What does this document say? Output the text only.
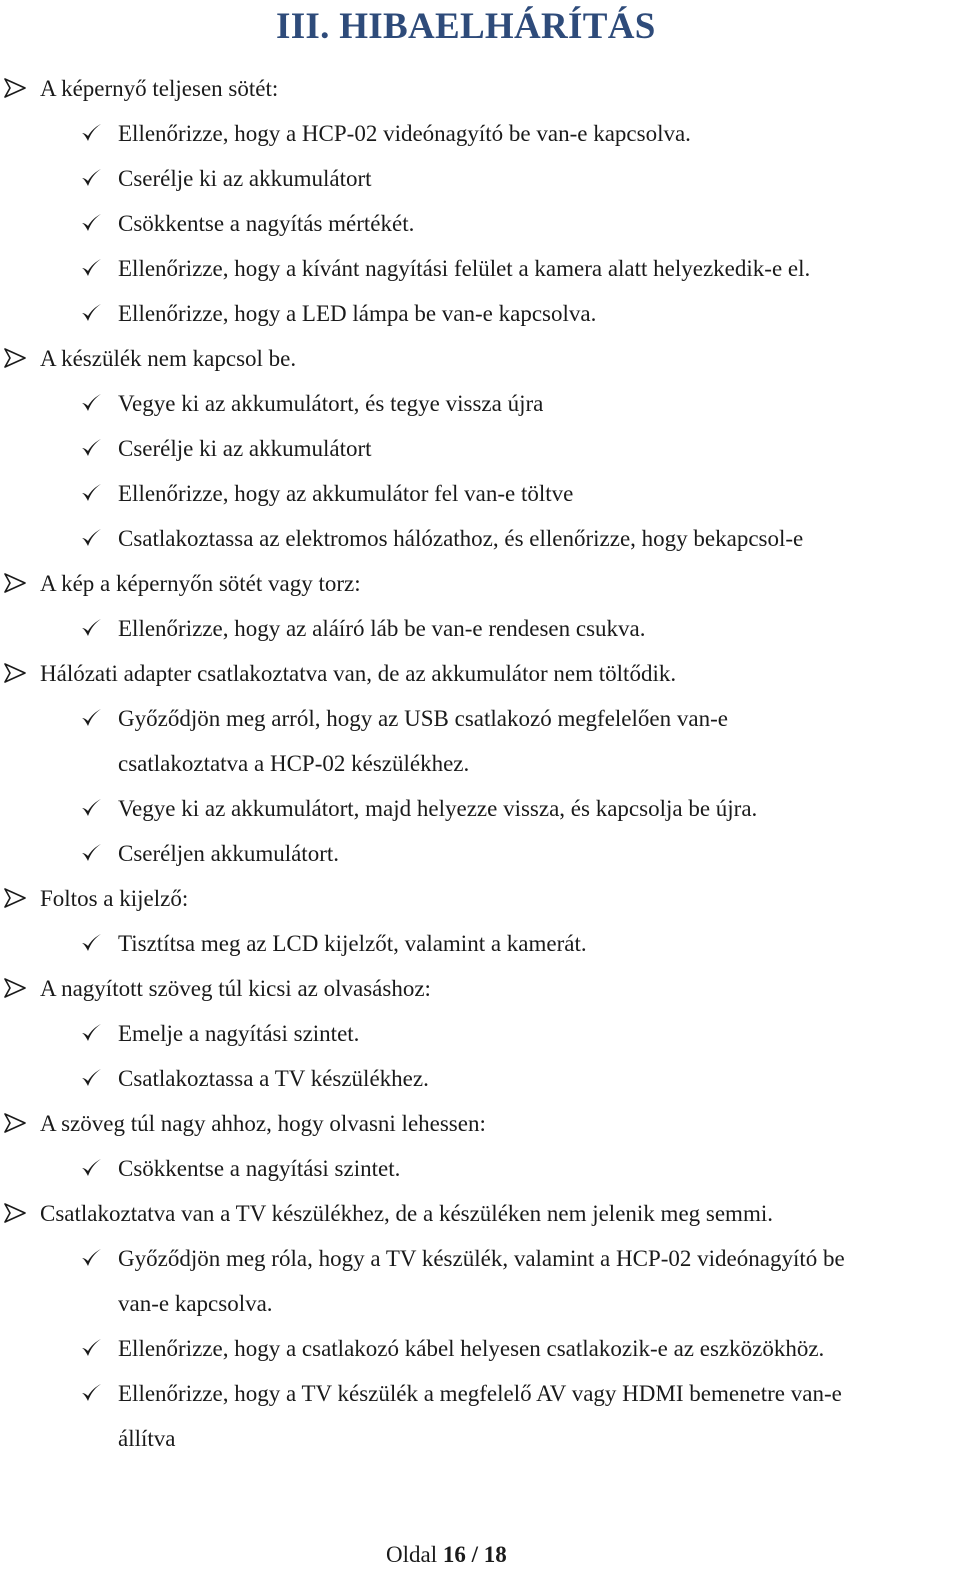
III. HIBAELHÁRÍTÁS
A képernyő teljesen sötét:
Ellenőrizze, hogy a HCP-02 videónagyító be van-e kapcsolva.
Cserélje ki az akkumulátort
Csökkentse a nagyítás mértékét.
Ellenőrizze, hogy a kívánt nagyítási felület a kamera alatt helyezkedik-e el.
Ellenőrizze, hogy a LED lámpa be van-e kapcsolva.
A készülék nem kapcsol be.
Vegye ki az akkumulátort, és tegye vissza újra
Cserélje ki az akkumulátort
Ellenőrizze, hogy az akkumulátor fel van-e töltve
Csatlakoztassa az elektromos hálózathoz, és ellenőrizze, hogy bekapcsol-e
A kép a képernyőn sötét vagy torz:
Ellenőrizze, hogy az aláíró láb be van-e rendesen csukva.
Hálózati adapter csatlakoztatva van, de az akkumulátor nem töltődik.
Győződjön meg arról, hogy az USB csatlakozó megfelelően van-e
csatlakoztatva a HCP-02 készülékhez.
Vegye ki az akkumulátort, majd helyezze vissza, és kapcsolja be újra.
Cseréljen akkumulátort.
Foltos a kijelző:
Tisztítsa meg az LCD kijelzőt, valamint a kamerát.
A nagyított szöveg túl kicsi az olvasáshoz:
Emelje a nagyítási szintet.
Csatlakoztassa a TV készülékhez.
A szöveg túl nagy ahhoz, hogy olvasni lehessen:
Csökkentse a nagyítási szintet.
Csatlakoztatva van a TV készülékhez, de a készüléken nem jelenik meg semmi.
Győződjön meg róla, hogy a TV készülék, valamint a HCP-02 videónagyító be
van-e kapcsolva.
Ellenőrizze, hogy a csatlakozó kábel helyesen csatlakozik-e az eszközökhöz.
Ellenőrizze, hogy a TV készülék a megfelelő AV vagy HDMI bemenetre van-e
állítva
Oldal 16 / 18
